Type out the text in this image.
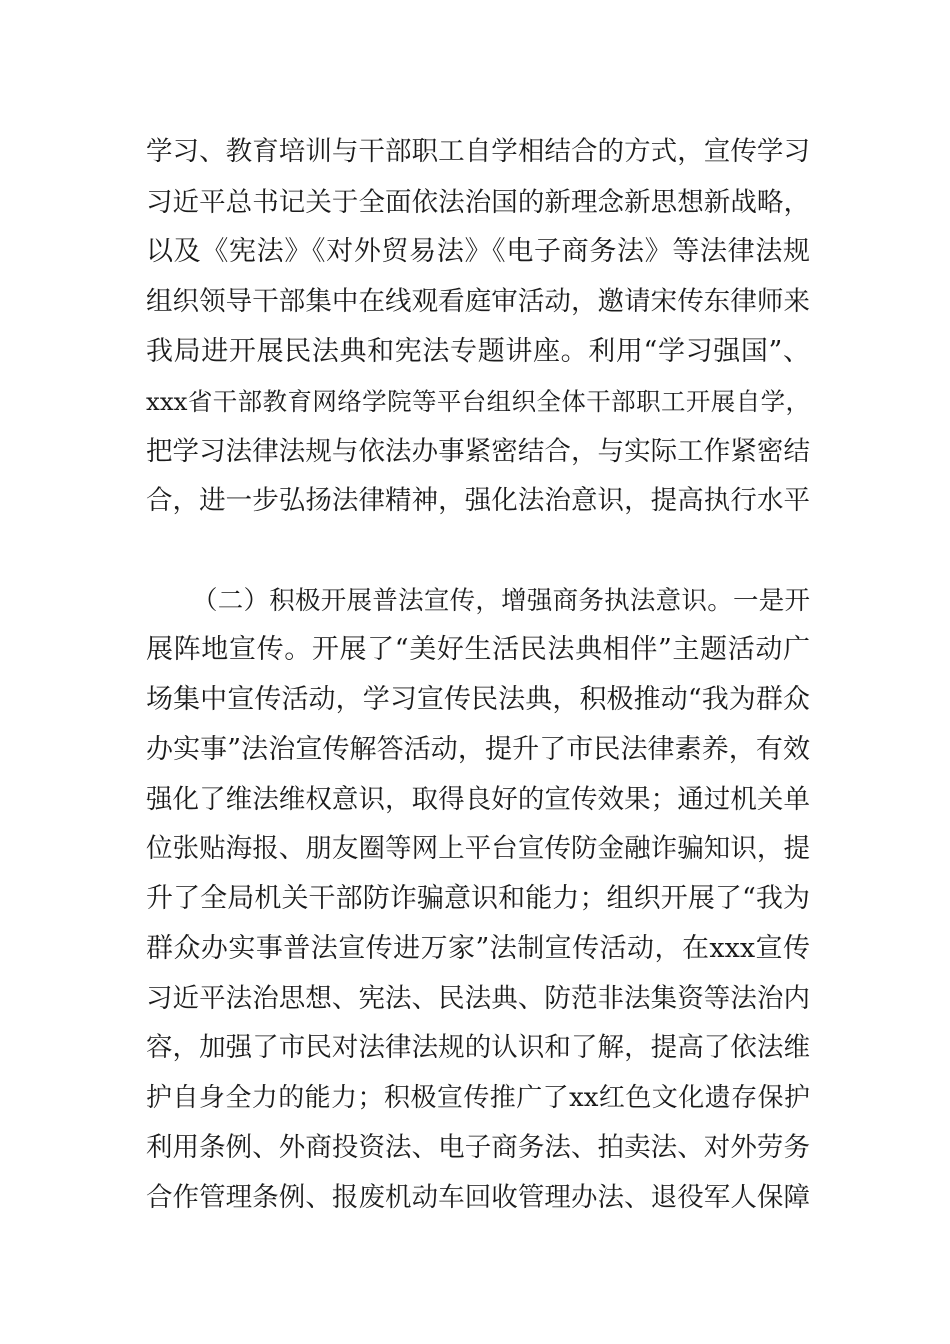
学习、教育培训与干部职工自学相结合的方式，宣传学习
习近平总书记关于全面依法治国的新理念新思想新战略，
以及《宪法》《对外贸易法》《电子商务法》等法律法规
组织领导干部集中在线观看庭审活动，邀请宋传东律师来
我局进开展民法典和宪法专题讲座。利用“学习强国”、
xxx省干部教育网络学院等平台组织全体干部职工开展自学，
把学习法律法规与依法办事紧密结合，与实际工作紧密结
合，进一步弘扬法律精神，强化法治意识，提高执行水平
（二）积极开展普法宣传，增强商务执法意识。一是开
展阵地宣传。开展了“美好生活民法典相伴”主题活动广
场集中宣传活动，学习宣传民法典，积极推动“我为群众
办实事”法治宣传解答活动，提升了市民法律素养，有效
强化了维法维权意识，取得良好的宣传效果；通过机关单
位张贴海报、朋友圈等网上平台宣传防金融诈骗知识，提
升了全局机关干部防诈骗意识和能力；组织开展了“我为
群众办实事普法宣传进万家”法制宣传活动，在xxx宣传
习近平法治思想、宪法、民法典、防范非法集资等法治内
容，加强了市民对法律法规的认识和了解，提高了依法维
护自身全力的能力；积极宣传推广了xx红色文化遗存保护
利用条例、外商投资法、电子商务法、拍卖法、对外劳务
合作管理条例、报废机动车回收管理办法、退役军人保障
